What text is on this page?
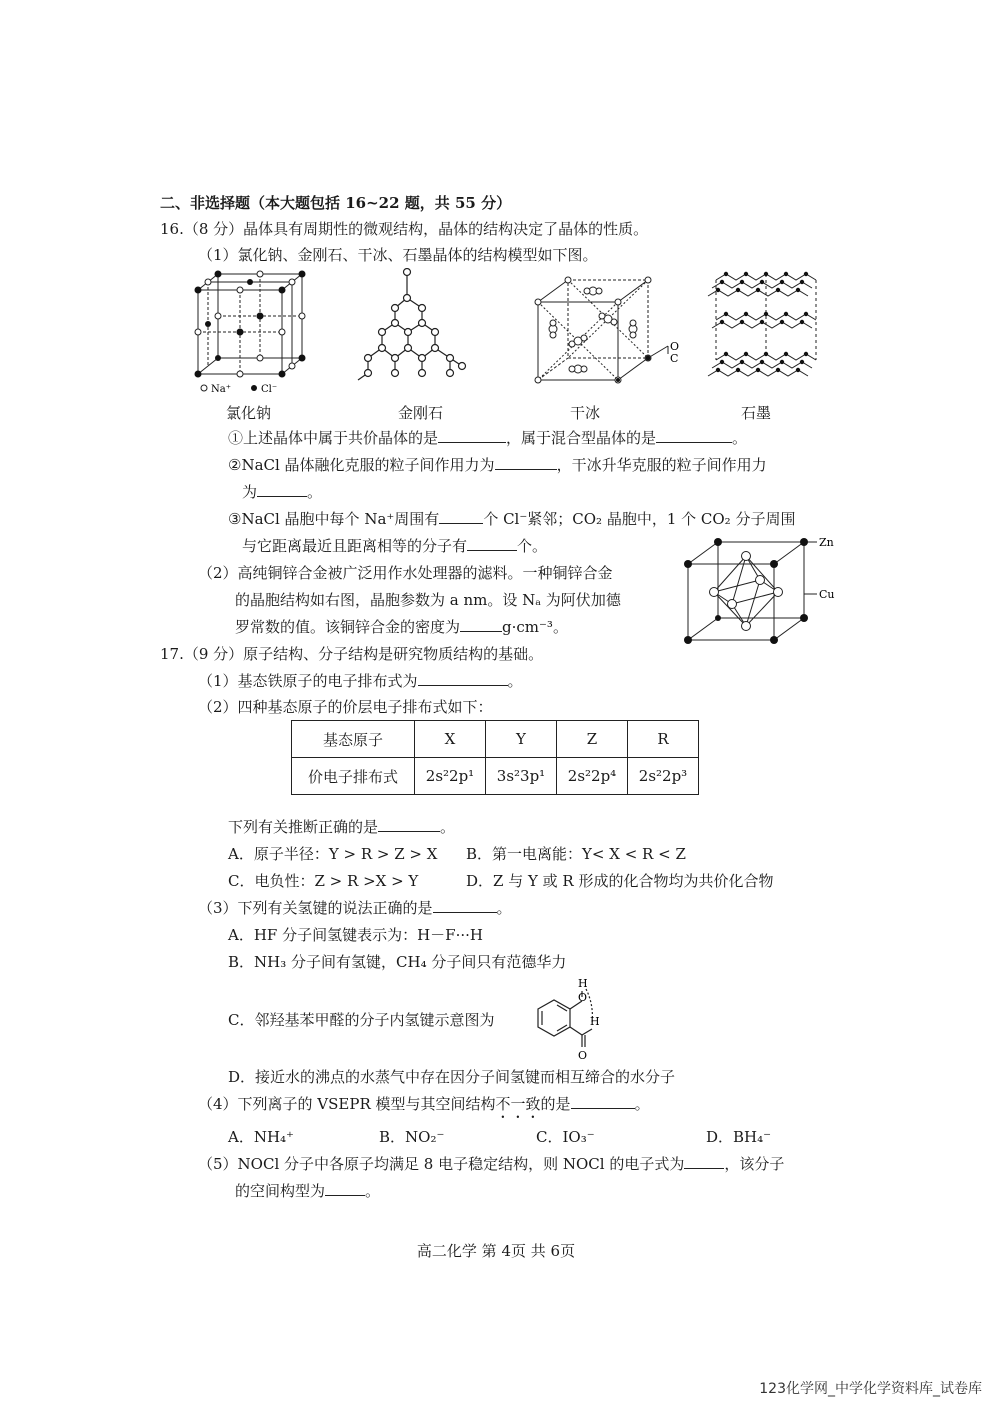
二、非选择题（本大题包括 16~22 题，共 55 分）
16.（8 分）晶体具有周期性的微观结构，晶体的结构决定了晶体的性质。
（1）氯化钠、金刚石、干冰、石墨晶体的结构模型如下图。
Na⁺	Cl⁻
O
C
氯化钠	金刚石	干冰	石墨
①上述晶体中属于共价晶体的是	，属于混合型晶体的是	。
②NaCl 晶体融化克服的粒子间作用力为	，干冰升华克服的粒子间作用力
为	。
③NaCl 晶胞中每个 Na⁺周围有	个 Cl⁻紧邻；CO₂ 晶胞中，1 个 CO₂ 分子周围
与它距离最近且距离相等的分子有	个。
（2）高纯铜锌合金被广泛用作水处理器的滤料。一种铜锌合金
的晶胞结构如右图，晶胞参数为 a nm。设 Nₐ 为阿伏加德
罗常数的值。该铜锌合金的密度为	g·cm⁻³。
Zn
Cu
17.（9 分）原子结构、分子结构是研究物质结构的基础。
（1）基态铁原子的电子排布式为	。
（2）四种基态原子的价层电子排布式如下：
基态原子	X	Y	Z	R
价电子排布式	2s²2p¹	3s²3p¹	2s²2p⁴	2s²2p³
下列有关推断正确的是	。
A．原子半径：Y > R > Z > X B．第一电离能：Y< X < R < Z
C．电负性：Z > R >X > Y	D．Z 与 Y 或 R 形成的化合物均为共价化合物
（3）下列有关氢键的说法正确的是	。
A．HF 分子间氢键表示为：H－F···H
B．NH₃ 分子间有氢键，CH₄ 分子间只有范德华力
C．邻羟基苯甲醛的分子内氢键示意图为
H
O
H
O
D．接近水的沸点的水蒸气中存在因分子间氢键而相互缔合的水分子
（4）下列离子的 VSEPR 模型与其空间结构不一致的是	。
A．NH₄⁺	B．NO₂⁻	C．IO₃⁻	D．BH₄⁻
（5）NOCl 分子中各原子均满足 8 电子稳定结构，则 NOCl 的电子式为	，该分子
的空间构型为	。
高二化学 第 4页 共 6页
123化学网_中学化学资料库_试卷库
